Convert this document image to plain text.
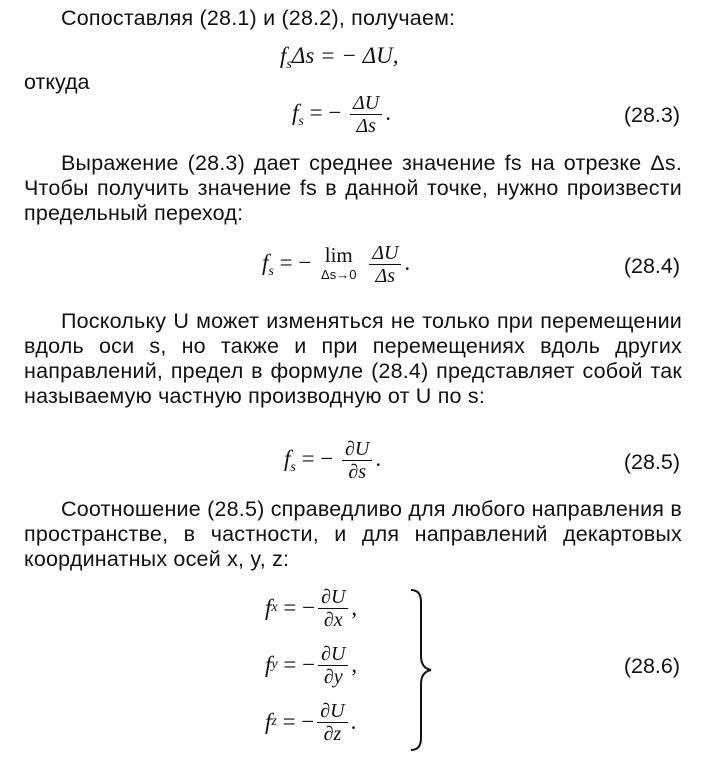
Сопоставляя (28.1) и (28.2), получаем:
$f_s\Delta s$ = − ΔU,
откуда
$f_s$ = − $\frac{\Delta U}{\Delta s}$ .	(28.3)
Выражение (28.3) дает среднее значение fs на отрезке Δs. Чтобы получить значение fs в данной точке, нужно произвести предельный переход:
$f_s$ = − lim
Δs→0
$\frac{\Delta U}{\Delta s}$ .	(28.4)
Поскольку U может изменяться не только при перемещении вдоль оси s, но также и при перемещениях вдоль других направлений, предел в формуле (28.4) представляет собой так называемую частную производную от U по s:
$f_s$ = − $\frac{\partial U}{\partial s}$ .	(28.5)
Соотношение (28.5) справедливо для любого направления в пространстве, в частности, и для направлений декартовых координатных осей x, y, z:
f x
= − $\frac{\partial U}{\partial x}$ ,
f y
= − $\frac{\partial U}{\partial y}$ ,
f z
= − $\frac{\partial U}{\partial z}$ .
(28.6)
